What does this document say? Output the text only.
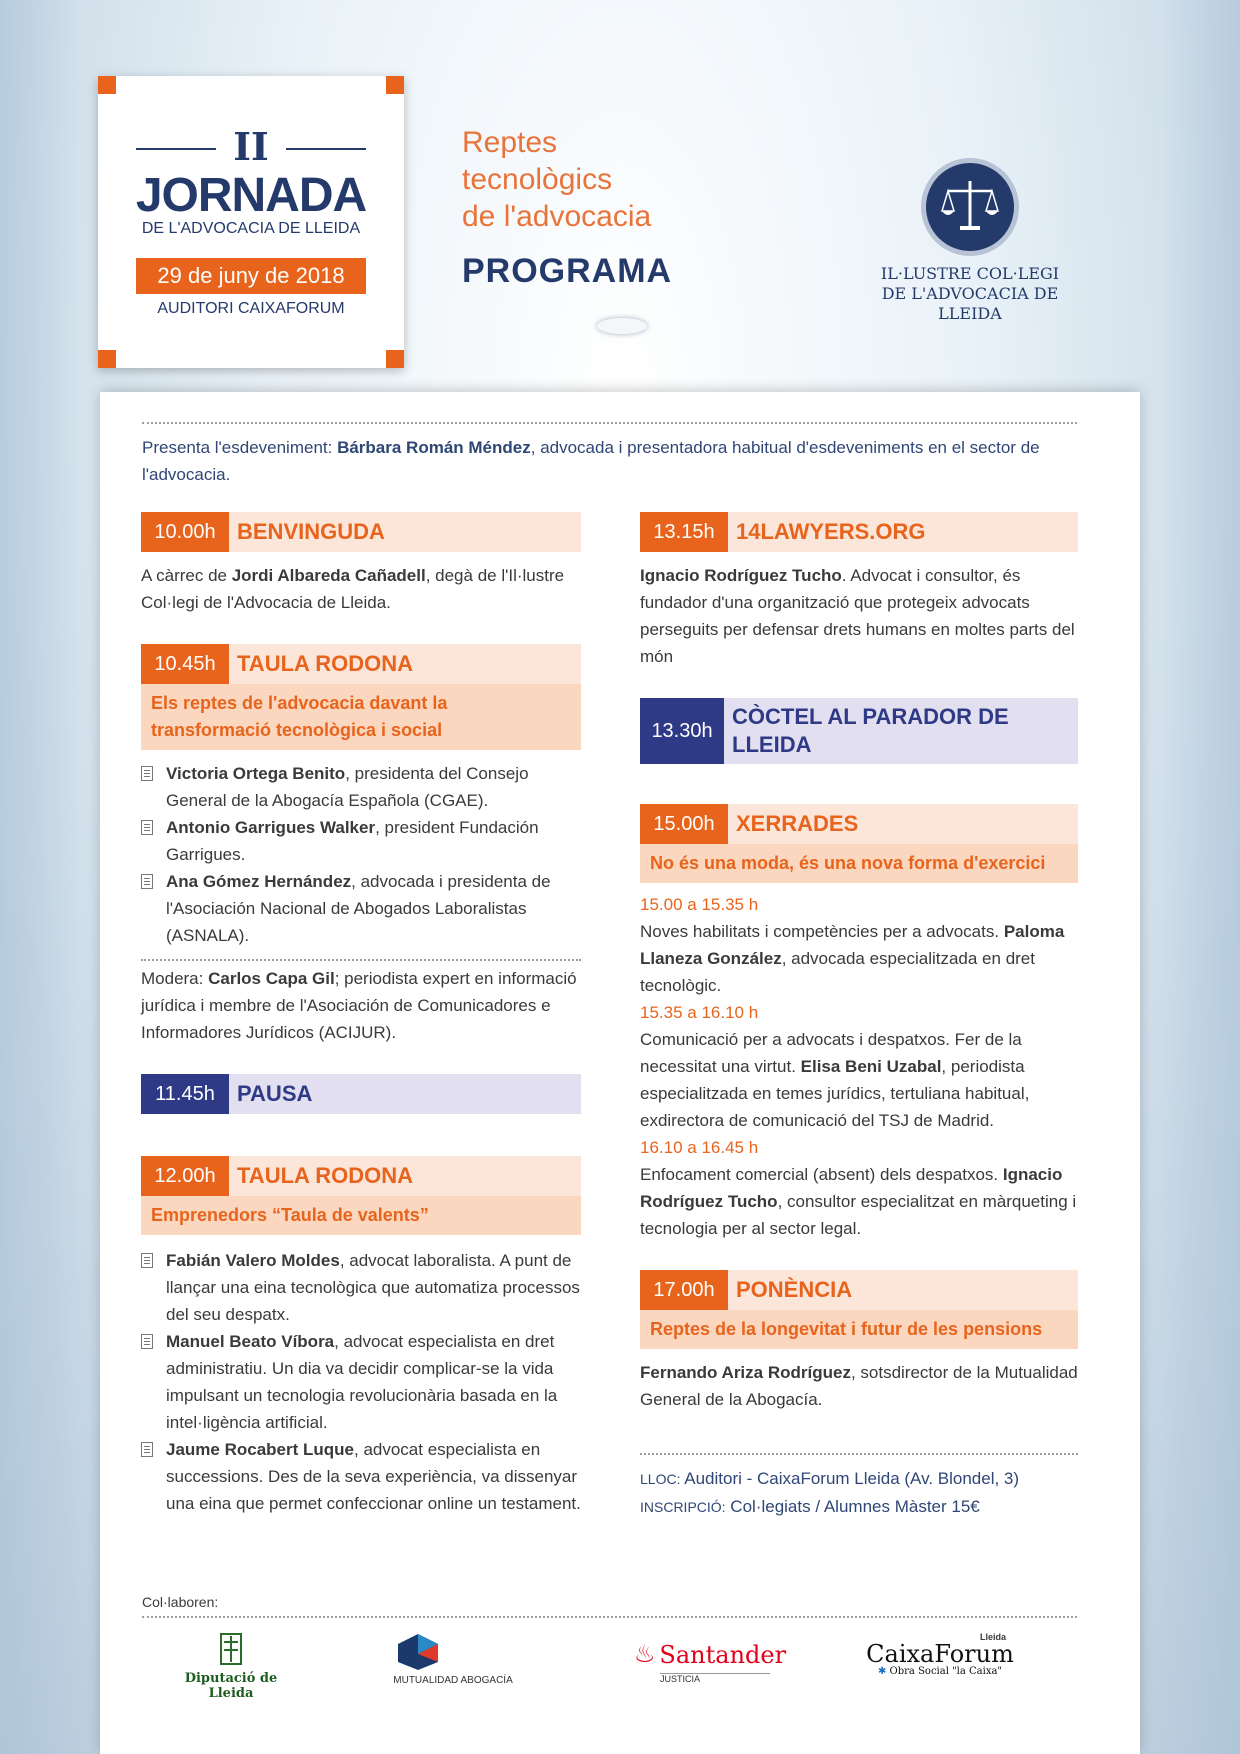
II
JORNADA
DE L'ADVOCACIA DE LLEIDA
29 de juny de 2018
AUDITORI CAIXAFORUM
Reptes
tecnològics
de l'advocacia
PROGRAMA	IL·LUSTRE COL·LEGI
DE L'ADVOCACIA DE LLEIDA
Presenta l'esdeveniment: Bárbara Román Méndez, advocada i presentadora habitual d'esdeveniments en el sector de l'advocacia.
10.00h BENVINGUDA

A càrrec de Jordi Albareda Cañadell, degà de l'Il·lustre Col·legi de l'Advocacia de Lleida.

10.45h TAULA RODONA
Els reptes de l'advocacia davant la transformació tecnològica i social
Victoria Ortega Benito, presidenta del Consejo General de la Abogacía Española (CGAE).
Antonio Garrigues Walker, president Fundación Garrigues.
Ana Gómez Hernández, advocada i presidenta de l'Asociación Nacional de Abogados Laboralistas (ASNALA).

Modera: Carlos Capa Gil; periodista expert en informació jurídica i membre de l'Asociación de Comunicadores e Informadores Jurídicos (ACIJUR).

11.45h	PAUSA
12.00h TAULA RODONA
Emprenedors “Taula de valents”
Fabián Valero Moldes, advocat laboralista. A punt de llançar una eina tecnològica que automatiza processos del seu despatx.
Manuel Beato Víbora, advocat especialista en dret administratiu. Un dia va decidir complicar-se la vida impulsant un tecnologia revolucionària basada en la intel·ligència artificial.
Jaume Rocabert Luque, advocat especialista en successions. Des de la seva experiència, va dissenyar una eina que permet confeccionar online un testament.
13.15h 14LAWYERS.ORG

Ignacio Rodríguez Tucho. Advocat i consultor, és fundador d'una organització que protegeix advocats perseguits per defensar drets humans en moltes parts del món

13.30h
CÒCTEL AL PARADOR DE LLEIDA
15.00h XERRADES
No és una moda, és una nova forma d'exercici
15.00 a 15.35 h

Noves habilitats i competències per a advocats. Paloma Llaneza González, advocada especialitzada en dret tecnològic.

15.35 a 16.10 h

Comunicació per a advocats i despatxos. Fer de la necessitat una virtut. Elisa Beni Uzabal, periodista especialitzada en temes jurídics, tertuliana habitual, exdirectora de comunicació del TSJ de Madrid.

16.10 a 16.45 h

Enfocament comercial (absent) dels despatxos. Ignacio Rodríguez Tucho, consultor especialitzat en màrqueting i tecnologia per al sector legal.

17.00h PONÈNCIA
Reptes de la longevitat i futur de les pensions

Fernando Ariza Rodríguez, sotsdirector de la Mutualidad General de la Abogacía.

LLOC: Auditori - CaixaForum Lleida (Av. Blondel, 3)
INSCRIPCIÓ: Col·legiats / Alumnes Màster 15€
Col·laboren:
Diputació de Lleida
MUTUALIDAD ABOGACÍA
♨ Santander
JUSTICIA
Lleida
CaixaForum
✱ Obra Social "la Caixa"
